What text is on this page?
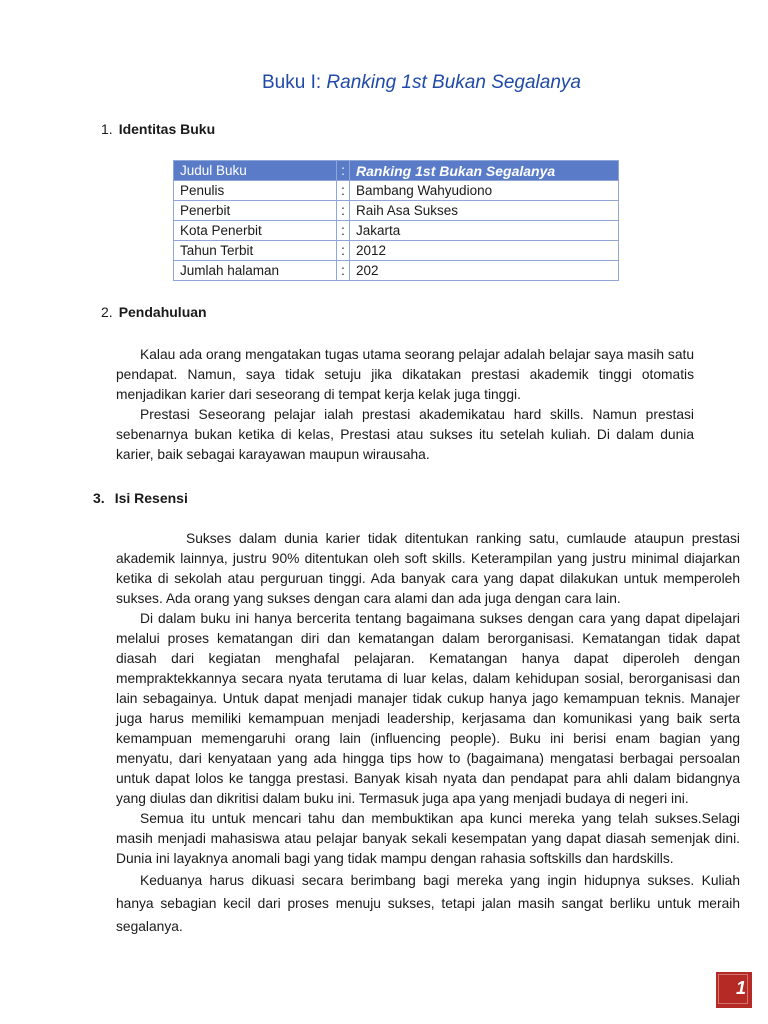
Buku I: Ranking 1st Bukan Segalanya
1. Identitas Buku
Judul Buku	:	Ranking 1st Bukan Segalanya
Penulis	:	Bambang Wahyudiono
Penerbit	:	Raih Asa Sukses
Kota Penerbit	:	Jakarta
Tahun Terbit	:	2012
Jumlah halaman	:	202
2. Pendahuluan

Kalau ada orang mengatakan tugas utama seorang pelajar adalah belajar saya masih satu pendapat. Namun, saya tidak setuju jika dikatakan prestasi akademik tinggi otomatis menjadikan karier dari seseorang di tempat kerja kelak juga tinggi.

Prestasi Seseorang pelajar ialah prestasi akademikatau hard skills. Namun prestasi sebenarnya bukan ketika di kelas, Prestasi atau sukses itu setelah kuliah. Di dalam dunia karier, baik sebagai karayawan maupun wirausaha.

3. Isi Resensi

Sukses dalam dunia karier tidak ditentukan ranking satu, cumlaude ataupun prestasi akademik lainnya, justru 90% ditentukan oleh soft skills. Keterampilan yang justru minimal diajarkan ketika di sekolah atau perguruan tinggi. Ada banyak cara yang dapat dilakukan untuk memperoleh sukses. Ada orang yang sukses dengan cara alami dan ada juga dengan cara lain.

Di dalam buku ini hanya bercerita tentang bagaimana sukses dengan cara yang dapat dipelajari melalui proses kematangan diri dan kematangan dalam berorganisasi. Kematangan tidak dapat diasah dari kegiatan menghafal pelajaran. Kematangan hanya dapat diperoleh dengan mempraktekkannya secara nyata terutama di luar kelas, dalam kehidupan sosial, berorganisasi dan lain sebagainya. Untuk dapat menjadi manajer tidak cukup hanya jago kemampuan teknis. Manajer juga harus memiliki kemampuan menjadi leadership, kerjasama dan komunikasi yang baik serta kemampuan memengaruhi orang lain (influencing people). Buku ini berisi enam bagian yang menyatu, dari kenyataan yang ada hingga tips how to (bagaimana) mengatasi berbagai persoalan untuk dapat lolos ke tangga prestasi. Banyak kisah nyata dan pendapat para ahli dalam bidangnya yang diulas dan dikritisi dalam buku ini. Termasuk juga apa yang menjadi budaya di negeri ini.

Semua itu untuk mencari tahu dan membuktikan apa kunci mereka yang telah sukses.Selagi masih menjadi mahasiswa atau pelajar banyak sekali kesempatan yang dapat diasah semenjak dini. Dunia ini layaknya anomali bagi yang tidak mampu dengan rahasia softskills dan hardskills.

Keduanya harus dikuasi secara berimbang bagi mereka yang ingin hidupnya sukses. Kuliah hanya sebagian kecil dari proses menuju sukses, tetapi jalan masih sangat berliku untuk meraih segalanya.

1
